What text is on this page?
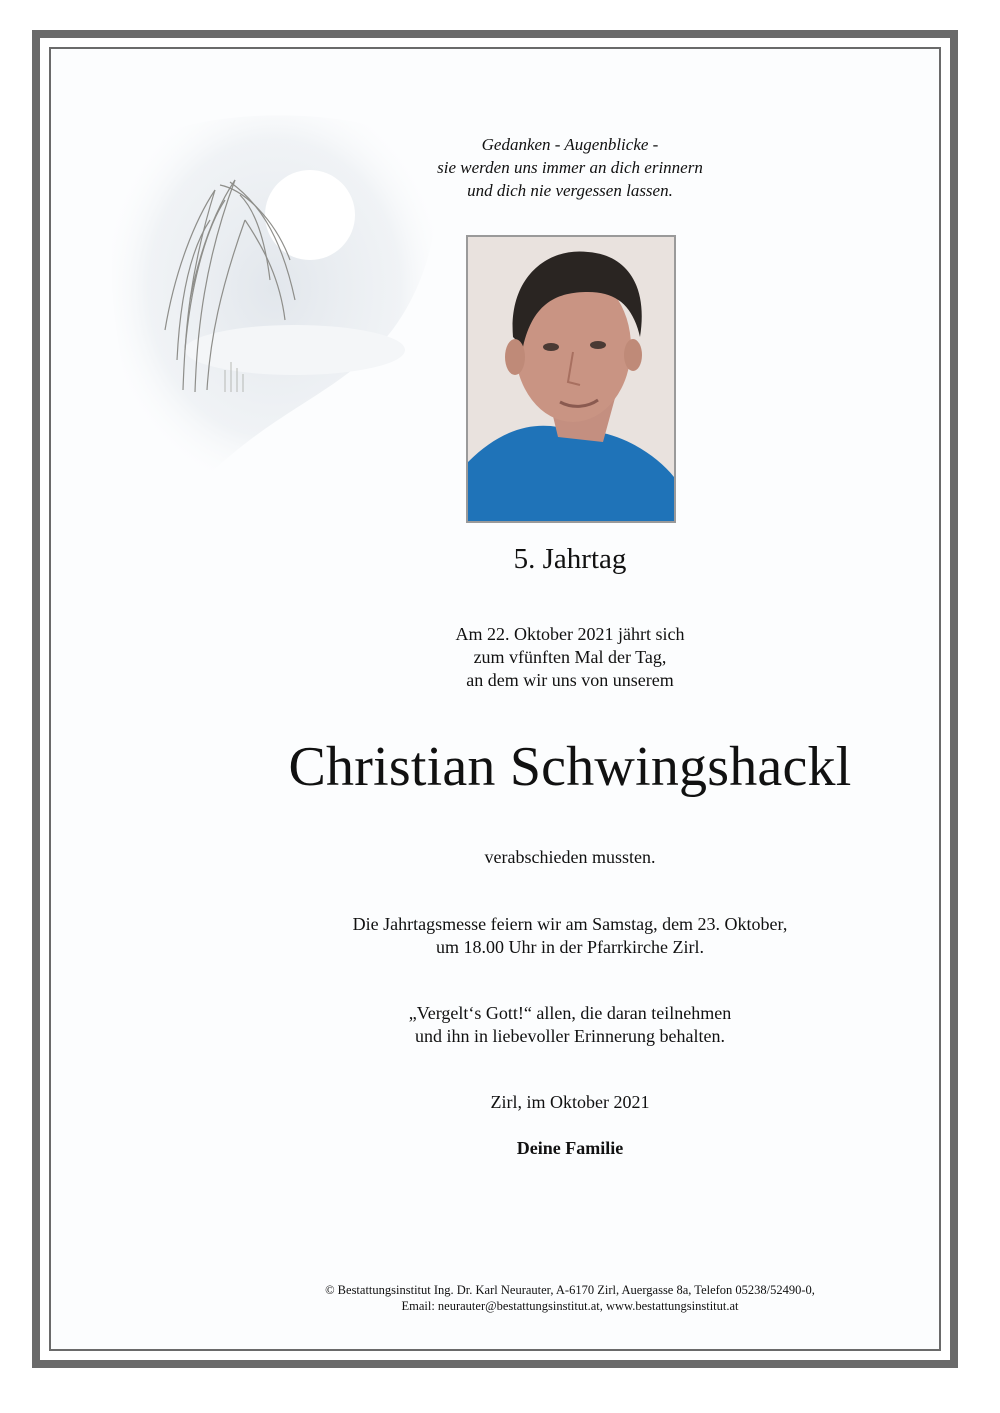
Gedanken - Augenblicke -
sie werden uns immer an dich erinnern
und dich nie vergessen lassen.
5. Jahrtag
Am 22. Oktober 2021 jährt sich
zum vfünften Mal der Tag,
an dem wir uns von unserem
Christian Schwingshackl
verabschieden mussten.
Die Jahrtagsmesse feiern wir am Samstag, dem 23. Oktober,
um 18.00 Uhr in der Pfarrkirche Zirl.
„Vergelt‘s Gott!“ allen, die daran teilnehmen
und ihn in liebevoller Erinnerung behalten.
Zirl, im Oktober 2021
Deine Familie
© Bestattungsinstitut Ing. Dr. Karl Neurauter, A-6170 Zirl, Auergasse 8a, Telefon 05238/52490-0,
Email: neurauter@bestattungsinstitut.at, www.bestattungsinstitut.at
